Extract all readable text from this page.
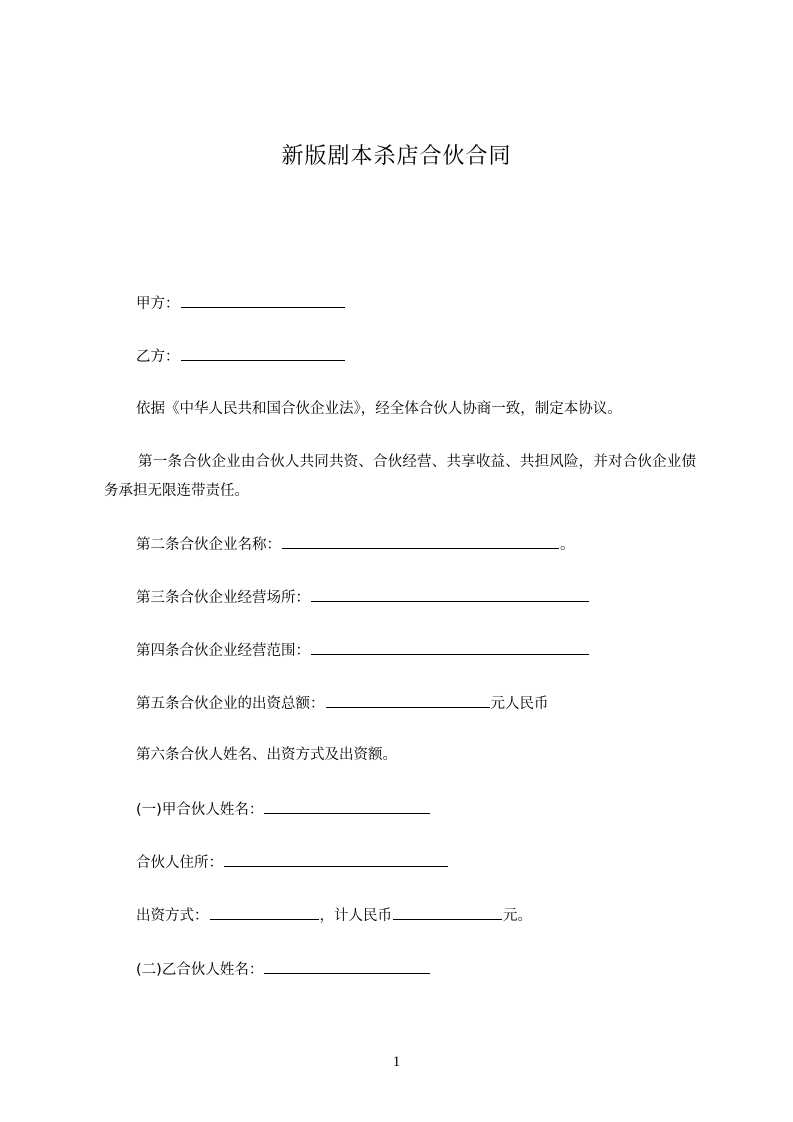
新版剧本杀店合伙合同
甲方：
乙方：
依据《中华人民共和国合伙企业法》，经全体合伙人协商一致，制定本协议。
第一条合伙企业由合伙人共同共资、合伙经营、共享收益、共担风险，并对合伙企业债务承担无限连带责任。
第二条合伙企业名称：	。
第三条合伙企业经营场所：
第四条合伙企业经营范围：
第五条合伙企业的出资总额：	元人民币
第六条合伙人姓名、出资方式及出资额。
(一)甲合伙人姓名：
合伙人住所：
出资方式：	，计人民币	元。
(二)乙合伙人姓名：
1
